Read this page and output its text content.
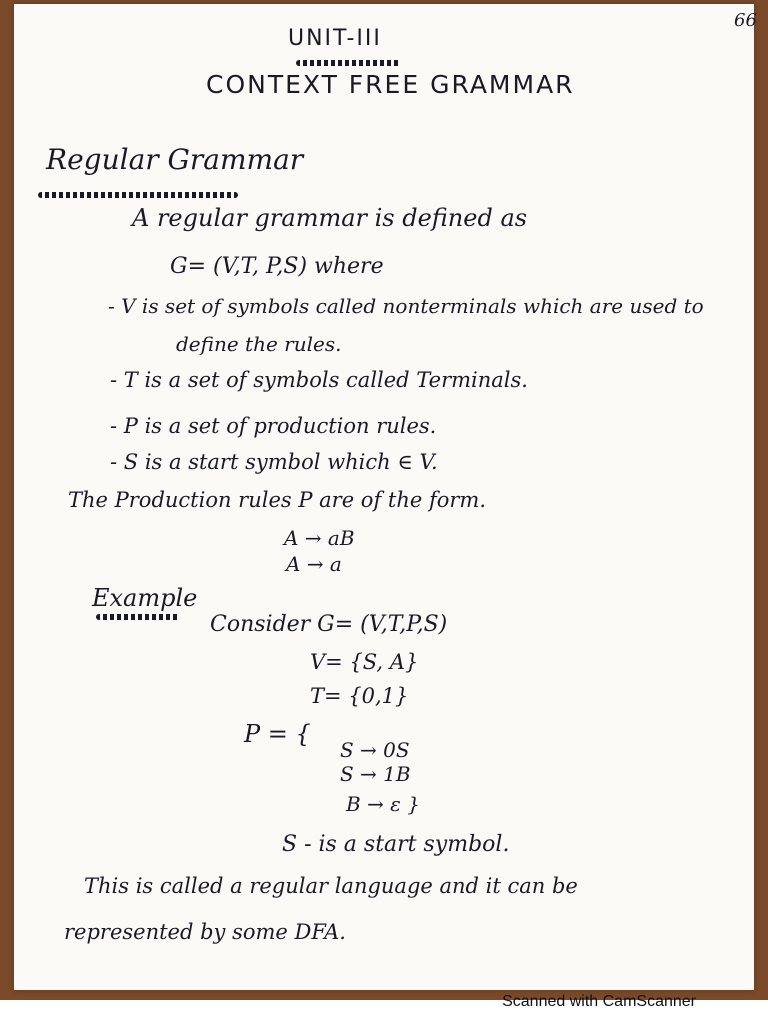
66
UNIT-III
CONTEXT FREE GRAMMAR
Regular Grammar
A regular grammar is defined as
G= (V,T, P,S) where
- V is set of symbols called nonterminals which are used to
define the rules.
- T is a set of symbols called Terminals.
- P is a set of production rules.
- S is a start symbol which ∈ V.
The Production rules P are of the form.
A → aB
A → a
Example
Consider G= (V,T,P,S)
V= {S, A}
T= {0,1}
P = {
S → 0S
S → 1B
B → ε }
S - is a start symbol.
This is called a regular language and it can be
represented by some DFA.
Scanned with CamScanner
